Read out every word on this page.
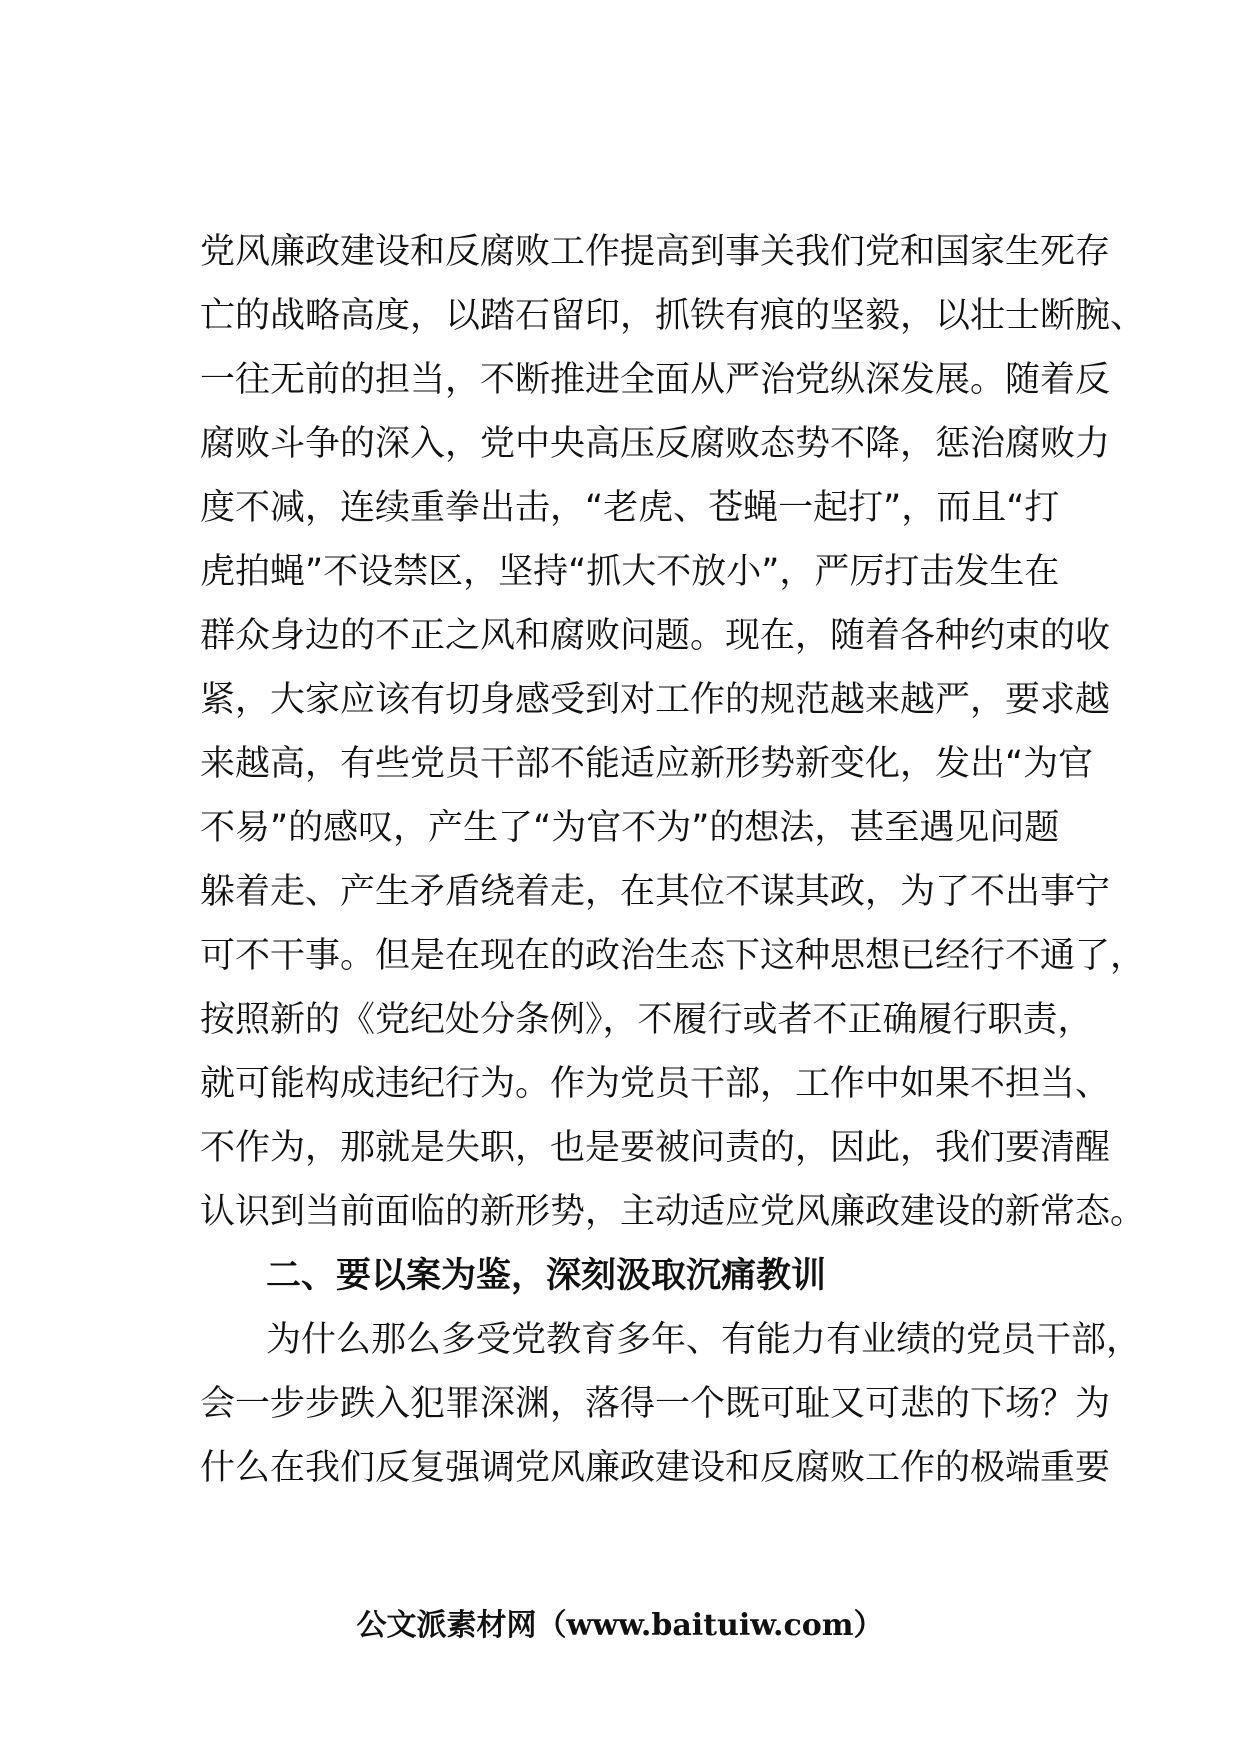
党风廉政建设和反腐败工作提高到事关我们党和国家生死存
亡的战略高度，以踏石留印，抓铁有痕的坚毅，以壮士断腕、
一往无前的担当，不断推进全面从严治党纵深发展。随着反
腐败斗争的深入，党中央高压反腐败态势不降，惩治腐败力
度不减，连续重拳出击，“老虎、苍蝇一起打”，而且“打
虎拍蝇”不设禁区，坚持“抓大不放小”，严厉打击发生在
群众身边的不正之风和腐败问题。现在，随着各种约束的收
紧，大家应该有切身感受到对工作的规范越来越严，要求越
来越高，有些党员干部不能适应新形势新变化，发出“为官
不易”的感叹，产生了“为官不为”的想法，甚至遇见问题
躲着走、产生矛盾绕着走，在其位不谋其政，为了不出事宁
可不干事。但是在现在的政治生态下这种思想已经行不通了，
按照新的《党纪处分条例》，不履行或者不正确履行职责，
就可能构成违纪行为。作为党员干部，工作中如果不担当、
不作为，那就是失职，也是要被问责的，因此，我们要清醒
认识到当前面临的新形势，主动适应党风廉政建设的新常态。
二、要以案为鉴，深刻汲取沉痛教训
为什么那么多受党教育多年、有能力有业绩的党员干部，
会一步步跌入犯罪深渊，落得一个既可耻又可悲的下场？为
什么在我们反复强调党风廉政建设和反腐败工作的极端重要
公文派素材网（www.baituiw.com）
